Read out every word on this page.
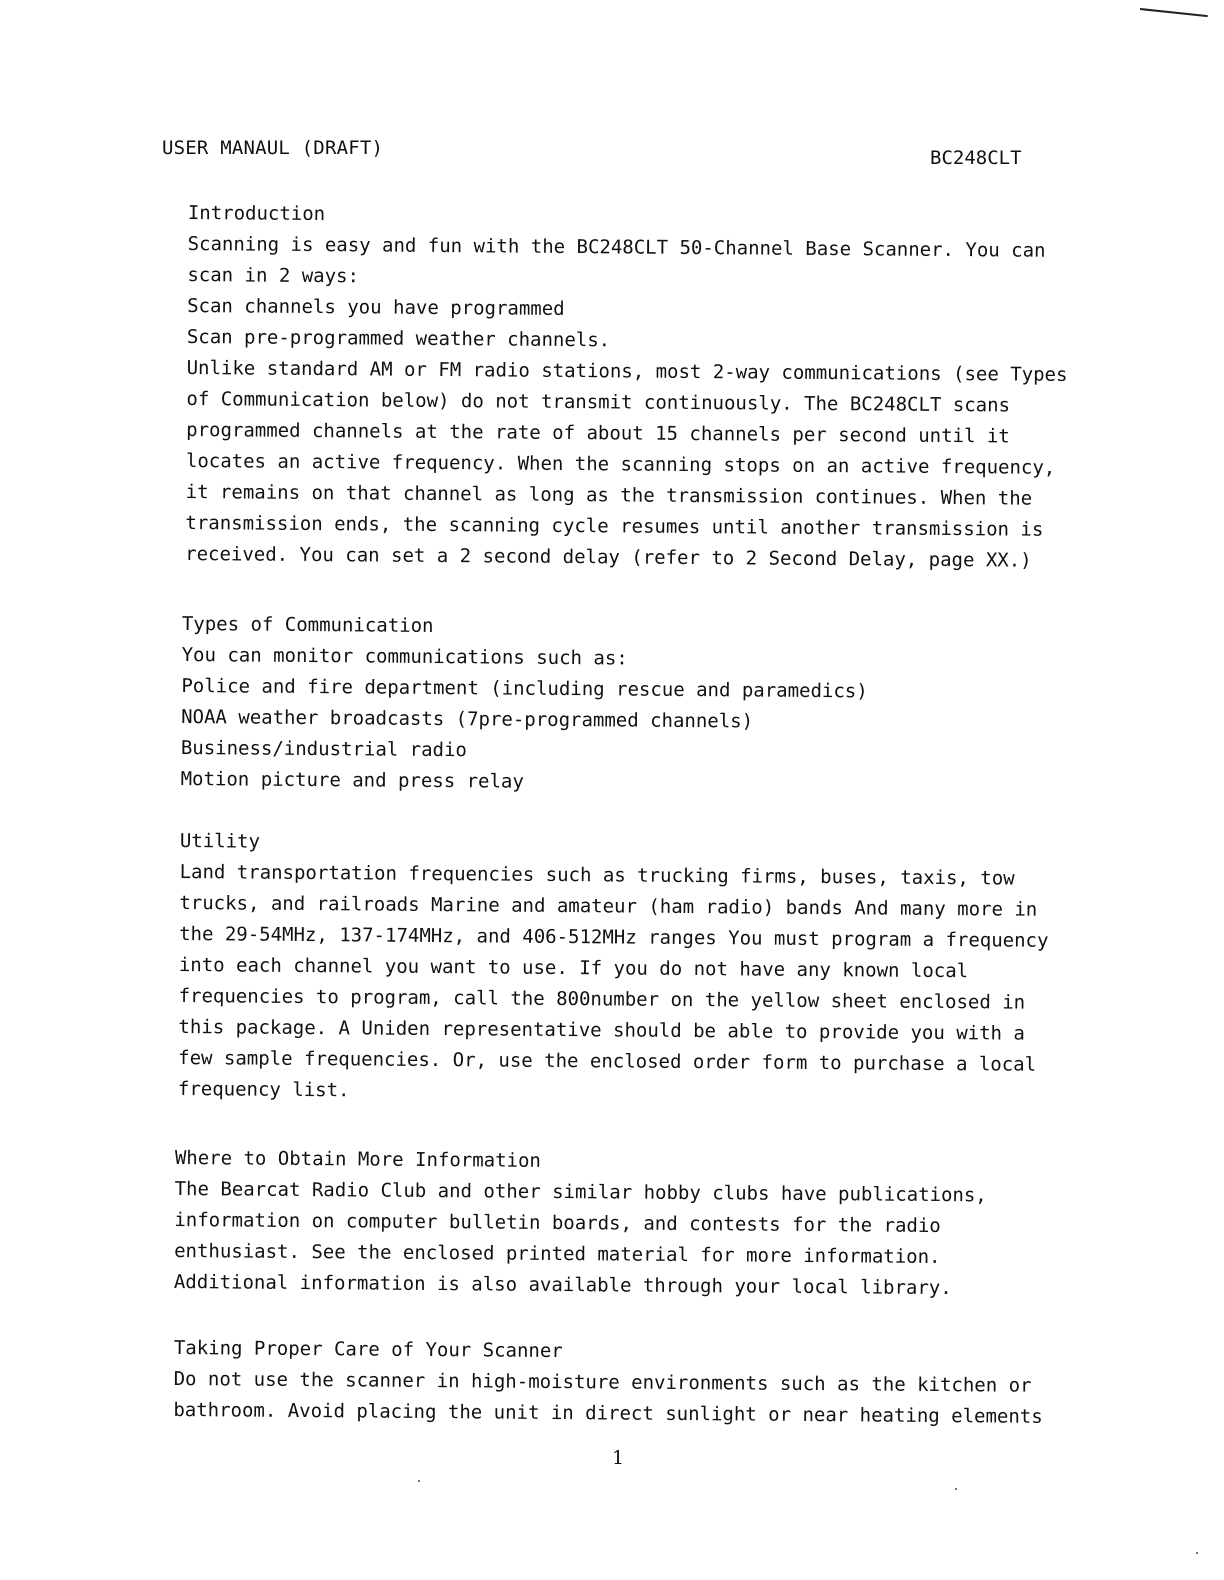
USER MANAUL (DRAFT)	BC248CLT
Introduction
Scanning is easy and fun with the BC248CLT 50-Channel Base Scanner. You can
scan in 2 ways:
Scan channels you have programmed
Scan pre-programmed weather channels.
Unlike standard AM or FM radio stations, most 2-way communications (see Types
of Communication below) do not transmit continuously. The BC248CLT scans
programmed channels at the rate of about 15 channels per second until it
locates an active frequency. When the scanning stops on an active frequency,
it remains on that channel as long as the transmission continues. When the
transmission ends, the scanning cycle resumes until another transmission is
received. You can set a 2 second delay (refer to 2 Second Delay, page XX.)
Types of Communication
You can monitor communications such as:
Police and fire department (including rescue and paramedics)
NOAA weather broadcasts (7pre-programmed channels)
Business/industrial radio
Motion picture and press relay
Utility
Land transportation frequencies such as trucking firms, buses, taxis, tow
trucks, and railroads Marine and amateur (ham radio) bands And many more in
the 29-54MHz, 137-174MHz, and 406-512MHz ranges You must program a frequency
into each channel you want to use. If you do not have any known local
frequencies to program, call the 800number on the yellow sheet enclosed in
this package. A Uniden representative should be able to provide you with a
few sample frequencies. Or, use the enclosed order form to purchase a local
frequency list.
Where to Obtain More Information
The Bearcat Radio Club and other similar hobby clubs have publications,
information on computer bulletin boards, and contests for the radio
enthusiast. See the enclosed printed material for more information.
Additional information is also available through your local library.
Taking Proper Care of Your Scanner
Do not use the scanner in high-moisture environments such as the kitchen or
bathroom. Avoid placing the unit in direct sunlight or near heating elements
1
